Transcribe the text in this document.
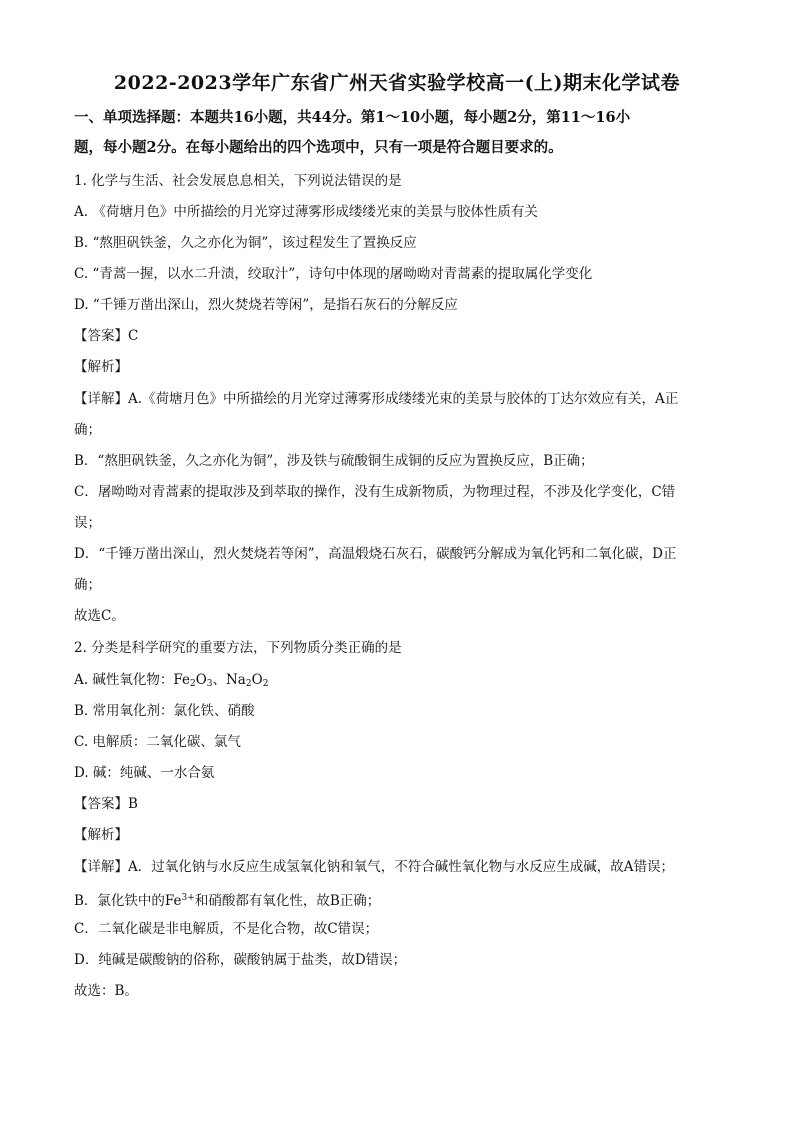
2022-2023学年广东省广州天省实验学校高一(上)期末化学试卷
一、单项选择题：本题共16小题，共44分。第1～10小题，每小题2分，第11～16小
题，每小题2分。在每小题给出的四个选项中，只有一项是符合题目要求的。
1. 化学与生活、社会发展息息相关，下列说法错误的是
A. 《荷塘月色》中所描绘的月光穿过薄雾形成缕缕光束的美景与胶体性质有关
B. “熬胆矾铁釜，久之亦化为铜”，该过程发生了置换反应
C. “青蒿一握，以水二升渍，绞取汁”，诗句中体现的屠呦呦对青蒿素的提取属化学变化
D. “千锤万凿出深山，烈火焚烧若等闲”，是指石灰石的分解反应
【答案】C
【解析】
【详解】A.《荷塘月色》中所描绘的月光穿过薄雾形成缕缕光束的美景与胶体的丁达尔效应有关，A正
确；
B．“熬胆矾铁釜，久之亦化为铜”，涉及铁与硫酸铜生成铜的反应为置换反应，B正确；
C．屠呦呦对青蒿素的提取涉及到萃取的操作，没有生成新物质，为物理过程，不涉及化学变化，C错
误；
D．“千锤万凿出深山，烈火焚烧若等闲”，高温煅烧石灰石，碳酸钙分解成为氧化钙和二氧化碳，D正
确；
故选C。
2. 分类是科学研究的重要方法，下列物质分类正确的是
A. 碱性氧化物：$Fe_2O_3$、$Na_2O_2$
B. 常用氧化剂：氯化铁、硝酸
C. 电解质：二氧化碳、氯气
D. 碱：纯碱、一水合氨
【答案】B
【解析】
【详解】A．过氧化钠与水反应生成氢氧化钠和氧气，不符合碱性氧化物与水反应生成碱，故A错误；
B．氯化铁中的$Fe^{3+}$和硝酸都有氧化性，故B正确；
C．二氧化碳是非电解质，不是化合物，故C错误；
D．纯碱是碳酸钠的俗称，碳酸钠属于盐类，故D错误；
故选：B。
